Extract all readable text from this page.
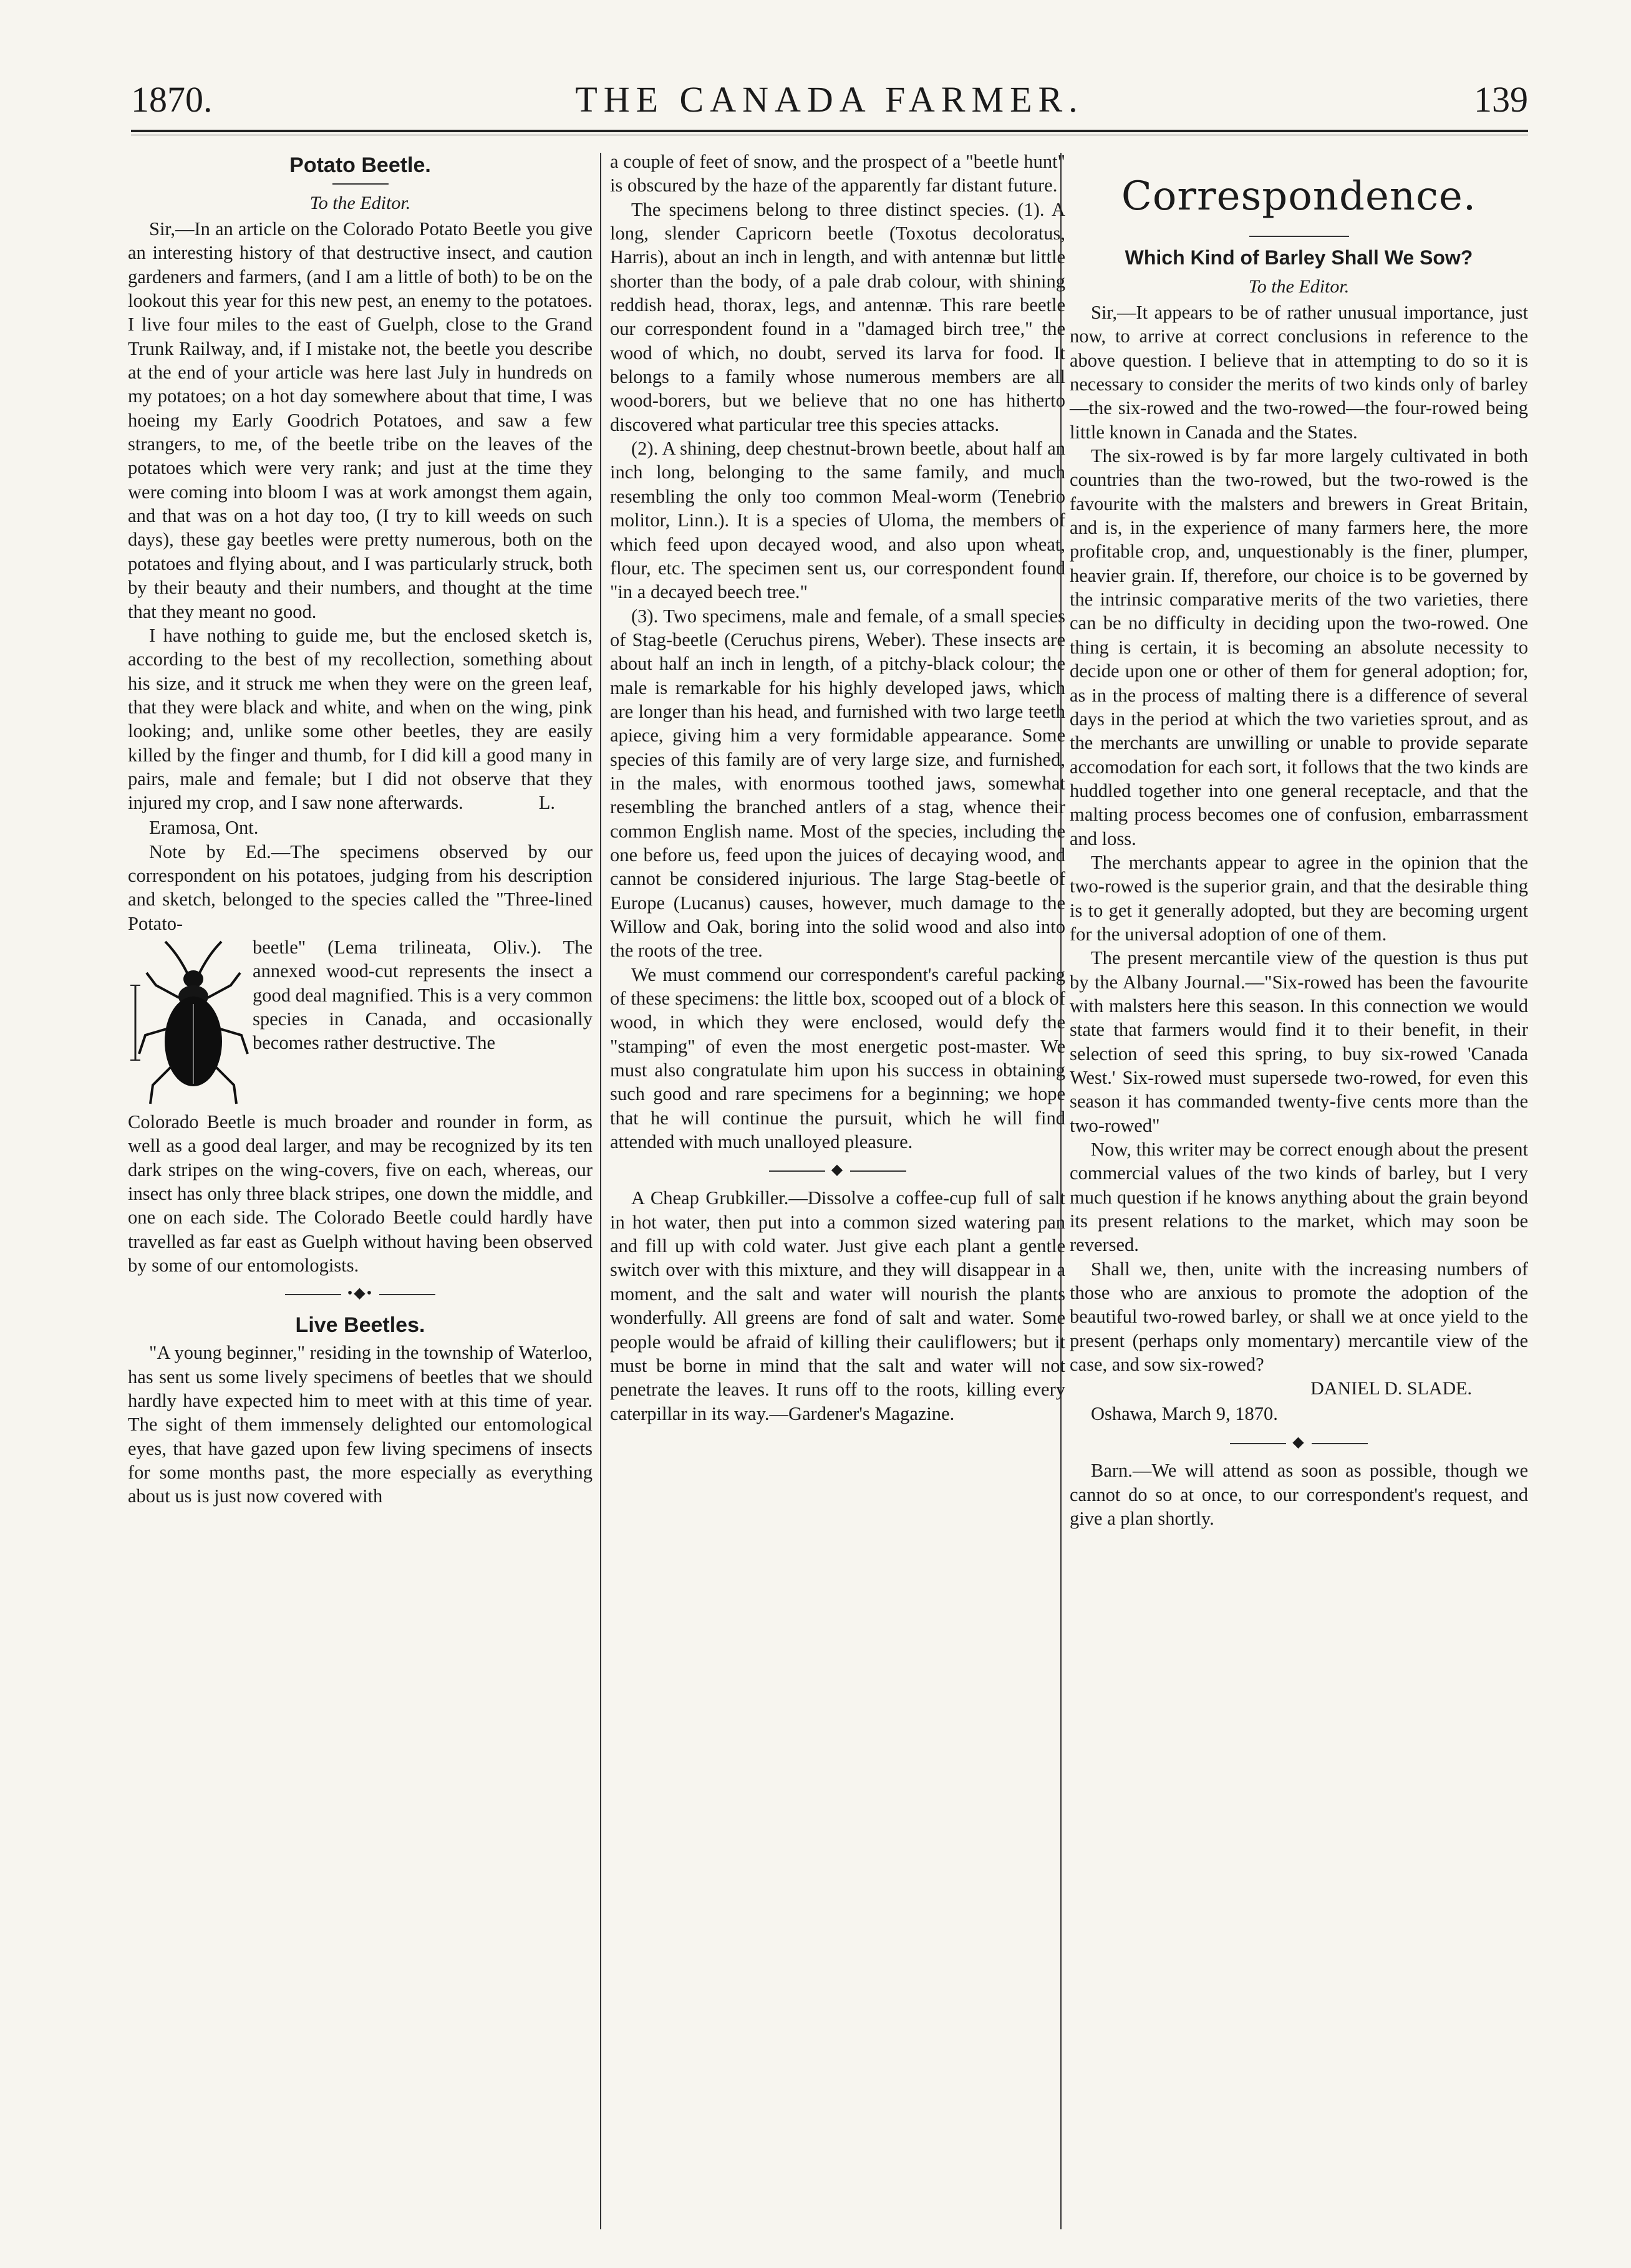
1870.	THE CANADA FARMER.	139
Potato Beetle.

To the Editor.

Sir,—In an article on the Colorado Potato Beetle you give an interesting history of that destructive insect, and caution gardeners and farmers, (and I am a little of both) to be on the lookout this year for this new pest, an enemy to the potatoes. I live four miles to the east of Guelph, close to the Grand Trunk Railway, and, if I mistake not, the beetle you describe at the end of your article was here last July in hundreds on my potatoes; on a hot day somewhere about that time, I was hoeing my Early Goodrich Potatoes, and saw a few strangers, to me, of the beetle tribe on the leaves of the potatoes which were very rank; and just at the time they were coming into bloom I was at work amongst them again, and that was on a hot day too, (I try to kill weeds on such days), these gay beetles were pretty numerous, both on the potatoes and flying about, and I was particularly struck, both by their beauty and their numbers, and thought at the time that they meant no good.

I have nothing to guide me, but the enclosed sketch is, according to the best of my recollection, something about his size, and it struck me when they were on the green leaf, that they were black and white, and when on the wing, pink looking; and, unlike some other beetles, they are easily killed by the finger and thumb, for I did kill a good many in pairs, male and female; but I did not observe that they injured my crop, and I saw none afterwards.	L.

Eramosa, Ont.

Note by Ed.—The specimens observed by our correspondent on his potatoes, judging from his description and sketch, belonged to the species called the "Three-lined Potato-

beetle" (Lema trilineata, Oliv.). The annexed wood-cut represents the insect a good deal magnified. This is a very common species in Canada, and occasionally becomes rather destructive. The

Colorado Beetle is much broader and rounder in form, as well as a good deal larger, and may be recognized by its ten dark stripes on the wing-covers, five on each, whereas, our insect has only three black stripes, one down the middle, and one on each side. The Colorado Beetle could hardly have travelled as far east as Guelph without having been observed by some of our entomologists.

•◆•
Live Beetles.

"A young beginner," residing in the township of Waterloo, has sent us some lively specimens of beetles that we should hardly have expected him to meet with at this time of year. The sight of them immensely delighted our entomological eyes, that have gazed upon few living specimens of insects for some months past, the more especially as everything about us is just now covered with

a couple of feet of snow, and the prospect of a "beetle hunt" is obscured by the haze of the apparently far distant future.

The specimens belong to three distinct species. (1). A long, slender Capricorn beetle (Toxotus decoloratus, Harris), about an inch in length, and with antennæ but little shorter than the body, of a pale drab colour, with shining reddish head, thorax, legs, and antennæ. This rare beetle our correspondent found in a "damaged birch tree," the wood of which, no doubt, served its larva for food. It belongs to a family whose numerous members are all wood-borers, but we believe that no one has hitherto discovered what particular tree this species attacks.

(2). A shining, deep chestnut-brown beetle, about half an inch long, belonging to the same family, and much resembling the only too common Meal-worm (Tenebrio molitor, Linn.). It is a species of Uloma, the members of which feed upon decayed wood, and also upon wheat, flour, etc. The specimen sent us, our correspondent found "in a decayed beech tree."

(3). Two specimens, male and female, of a small species of Stag-beetle (Ceruchus pirens, Weber). These insects are about half an inch in length, of a pitchy-black colour; the male is remarkable for his highly developed jaws, which are longer than his head, and furnished with two large teeth apiece, giving him a very formidable appearance. Some species of this family are of very large size, and furnished, in the males, with enormous toothed jaws, somewhat resembling the branched antlers of a stag, whence their common English name. Most of the species, including the one before us, feed upon the juices of decaying wood, and cannot be considered injurious. The large Stag-beetle of Europe (Lucanus) causes, however, much damage to the Willow and Oak, boring into the solid wood and also into the roots of the tree.

We must commend our correspondent's careful packing of these specimens: the little box, scooped out of a block of wood, in which they were enclosed, would defy the "stamping" of even the most energetic post-master. We must also congratulate him upon his success in obtaining such good and rare specimens for a beginning; we hope that he will continue the pursuit, which he will find attended with much unalloyed pleasure.

◆

A Cheap Grubkiller.—Dissolve a coffee-cup full of salt in hot water, then put into a common sized watering pan and fill up with cold water. Just give each plant a gentle switch over with this mixture, and they will disappear in a moment, and the salt and water will nourish the plants wonderfully. All greens are fond of salt and water. Some people would be afraid of killing their cauliflowers; but it must be borne in mind that the salt and water will not penetrate the leaves. It runs off to the roots, killing every caterpillar in its way.—Gardener's Magazine.

Correspondence.
Which Kind of Barley Shall We Sow?

To the Editor.

Sir,—It appears to be of rather unusual importance, just now, to arrive at correct conclusions in reference to the above question. I believe that in attempting to do so it is necessary to consider the merits of two kinds only of barley—the six-rowed and the two-rowed—the four-rowed being little known in Canada and the States.

The six-rowed is by far more largely cultivated in both countries than the two-rowed, but the two-rowed is the favourite with the malsters and brewers in Great Britain, and is, in the experience of many farmers here, the more profitable crop, and, unquestionably is the finer, plumper, heavier grain. If, therefore, our choice is to be governed by the intrinsic comparative merits of the two varieties, there can be no difficulty in deciding upon the two-rowed. One thing is certain, it is becoming an absolute necessity to decide upon one or other of them for general adoption; for, as in the process of malting there is a difference of several days in the period at which the two varieties sprout, and as the merchants are unwilling or unable to provide separate accomodation for each sort, it follows that the two kinds are huddled together into one general receptacle, and that the malting process becomes one of confusion, embarrassment and loss.

The merchants appear to agree in the opinion that the two-rowed is the superior grain, and that the desirable thing is to get it generally adopted, but they are becoming urgent for the universal adoption of one of them.

The present mercantile view of the question is thus put by the Albany Journal.—"Six-rowed has been the favourite with malsters here this season. In this connection we would state that farmers would find it to their benefit, in their selection of seed this spring, to buy six-rowed 'Canada West.' Six-rowed must supersede two-rowed, for even this season it has commanded twenty-five cents more than the two-rowed"

Now, this writer may be correct enough about the present commercial values of the two kinds of barley, but I very much question if he knows anything about the grain beyond its present relations to the market, which may soon be reversed.

Shall we, then, unite with the increasing numbers of those who are anxious to promote the adoption of the beautiful two-rowed barley, or shall we at once yield to the present (perhaps only momentary) mercantile view of the case, and sow six-rowed?

DANIEL D. SLADE.

Oshawa, March 9, 1870.

◆

Barn.—We will attend as soon as possible, though we cannot do so at once, to our correspondent's request, and give a plan shortly.
